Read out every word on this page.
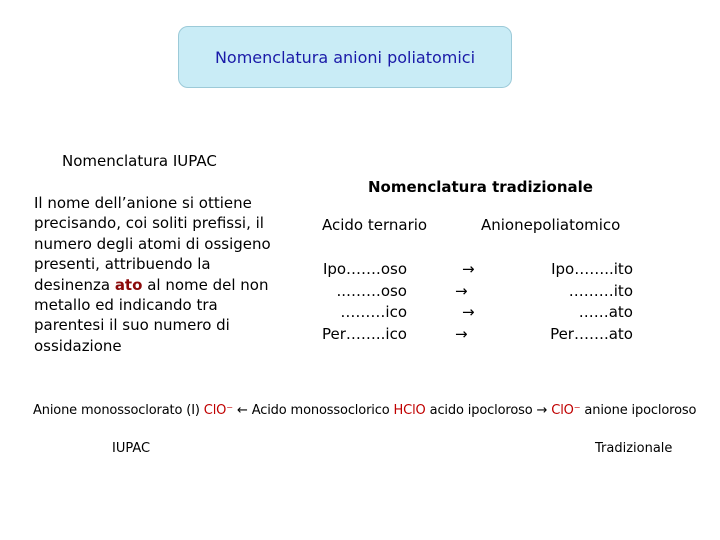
Nomenclatura anioni poliatomici
Nomenclatura IUPAC
Il nome dell’anione si ottiene precisando, coi soliti prefissi, il numero degli atomi di ossigeno presenti, attribuendo la desinenza ato al nome del non metallo ed indicando tra parentesi il suo numero di ossidazione
Nomenclatura tradizionale
Acido ternario	Anionepoliatomico
Ipo…….oso
..…….oso
………ico
Per……..ico
→
→
→
→
Ipo……..ito
………ito
……ato
Per…….ato
Anione monossoclorato (I) ClO⁻ ← Acido monossoclorico HClO acido ipocloroso → ClO⁻ anione ipocloroso
IUPAC	Tradizionale
